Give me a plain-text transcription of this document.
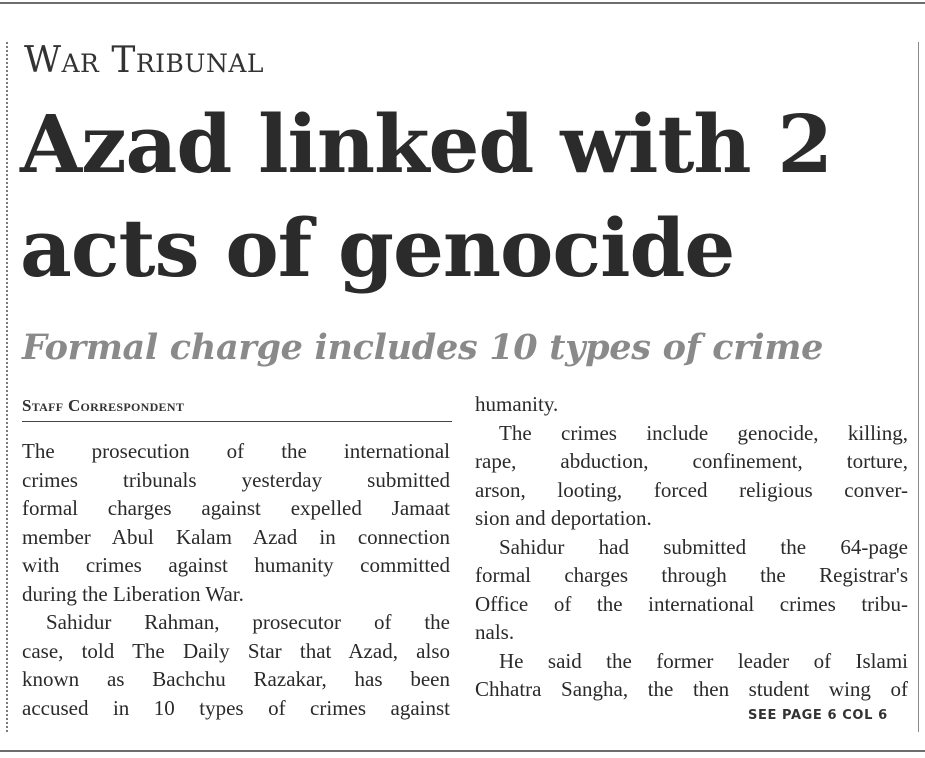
War Tribunal
Azad linked with 2
acts of genocide
Formal charge includes 10 types of crime
Staff Correspondent
The prosecution of the international
crimes tribunals yesterday submitted
formal charges against expelled Jamaat
member Abul Kalam Azad in connection
with crimes against humanity committed
during the Liberation War.
Sahidur Rahman, prosecutor of the
case, told The Daily Star that Azad, also
known as Bachchu Razakar, has been
accused in 10 types of crimes against
humanity.
The crimes include genocide, killing,
rape, abduction, confinement, torture,
arson, looting, forced religious conver-
sion and deportation.
Sahidur had submitted the 64-page
formal charges through the Registrar's
Office of the international crimes tribu-
nals.
He said the former leader of Islami
Chhatra Sangha, the then student wing of
SEE PAGE 6 COL 6
